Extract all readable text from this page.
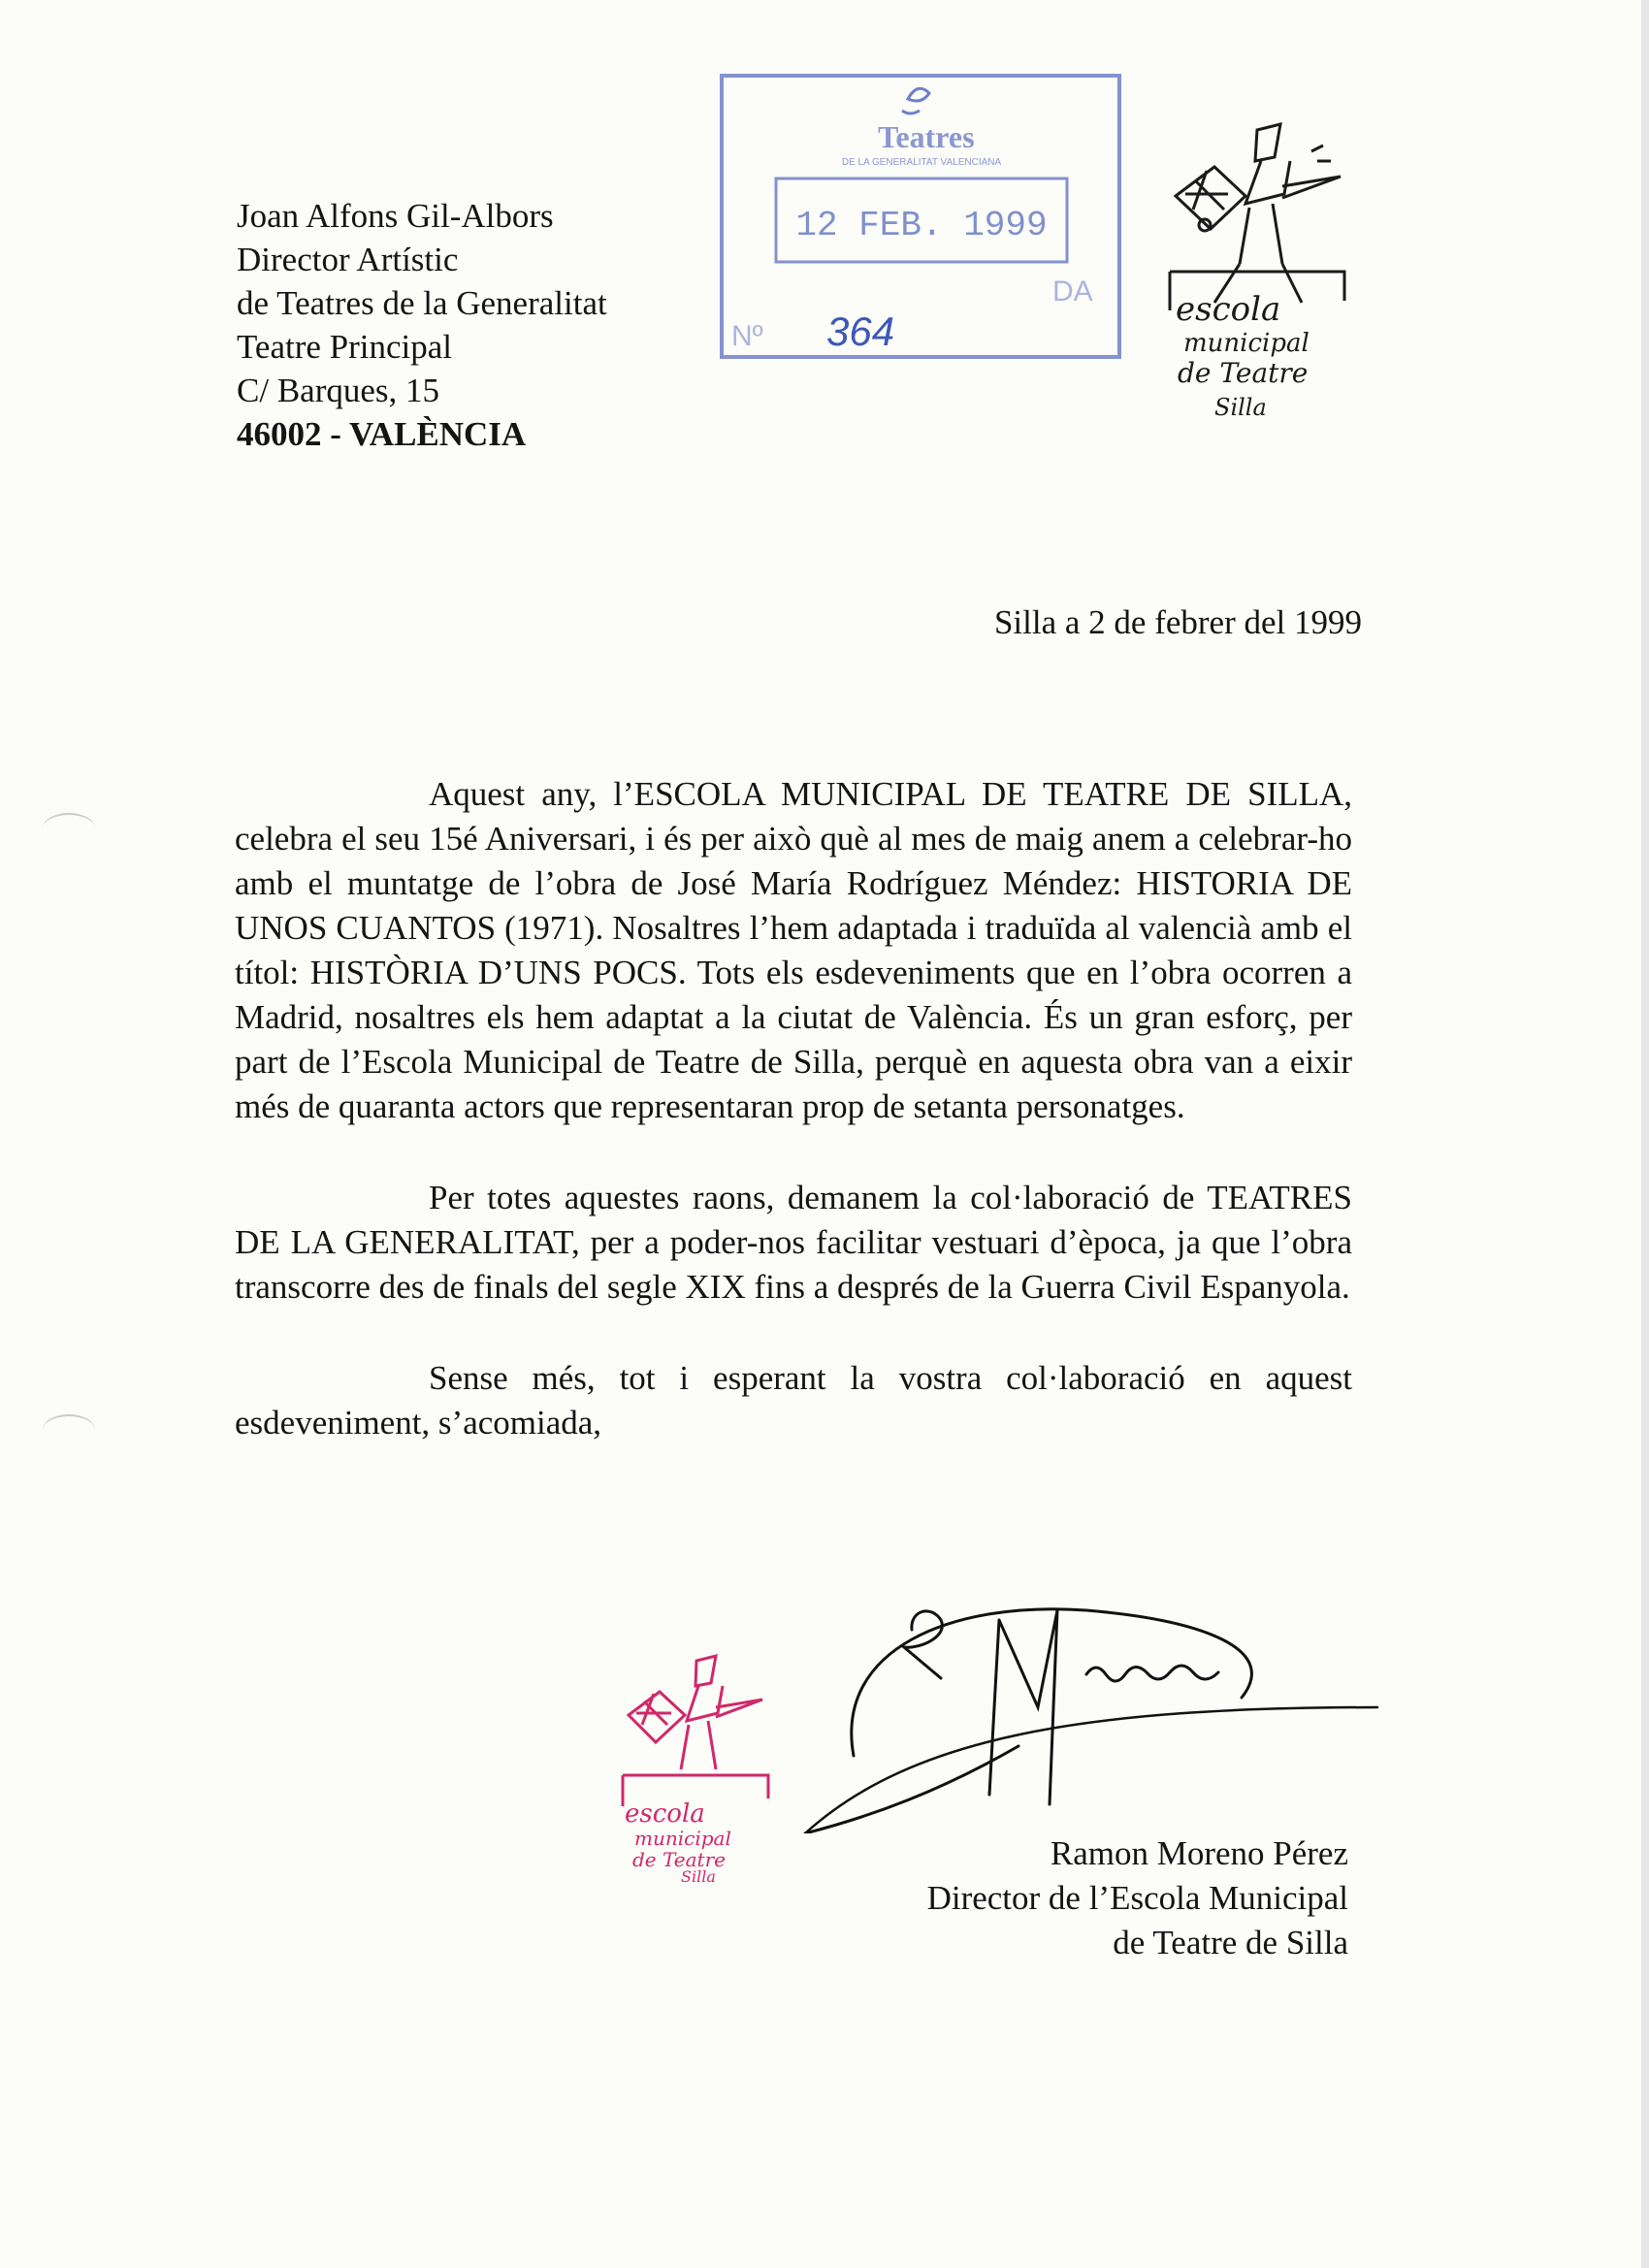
Joan Alfons Gil-Albors
Director Artístic
de Teatres de la Generalitat
Teatre Principal
C/ Barques, 15
46002 - VALÈNCIA
Teatres
DE LA GENERALITAT VALENCIANA
12 FEB. 1999
DA
Nº 364	escola
municipal
de Teatre
Silla
Silla a 2 de febrer del 1999

Aquest any, l’ESCOLA MUNICIPAL DE TEATRE DE SILLA, celebra el seu 15é Aniversari, i és per això què al mes de maig anem a celebrar-ho amb el muntatge de l’obra de José María Rodríguez Méndez: HISTORIA DE UNOS CUANTOS (1971). Nosaltres l’hem adaptada i traduïda al valencià amb el títol: HISTÒRIA D’UNS POCS. Tots els esdeveniments que en l’obra ocorren a Madrid, nosaltres els hem adaptat a la ciutat de València. És un gran esforç, per part de l’Escola Municipal de Teatre de Silla, perquè en aquesta obra van a eixir més de quaranta actors que representaran prop de setanta personatges.

Per totes aquestes raons, demanem la col·laboració de TEATRES DE LA GENERALITAT, per a poder-nos facilitar vestuari d’època, ja que l’obra transcorre des de finals del segle XIX fins a després de la Guerra Civil Espanyola.

Sense més, tot i esperant la vostra col·laboració en aquest esdeveniment, s’acomiada,

escola
municipal
de Teatre
Silla
Ramon Moreno Pérez
Director de l’Escola Municipal
de Teatre de Silla
